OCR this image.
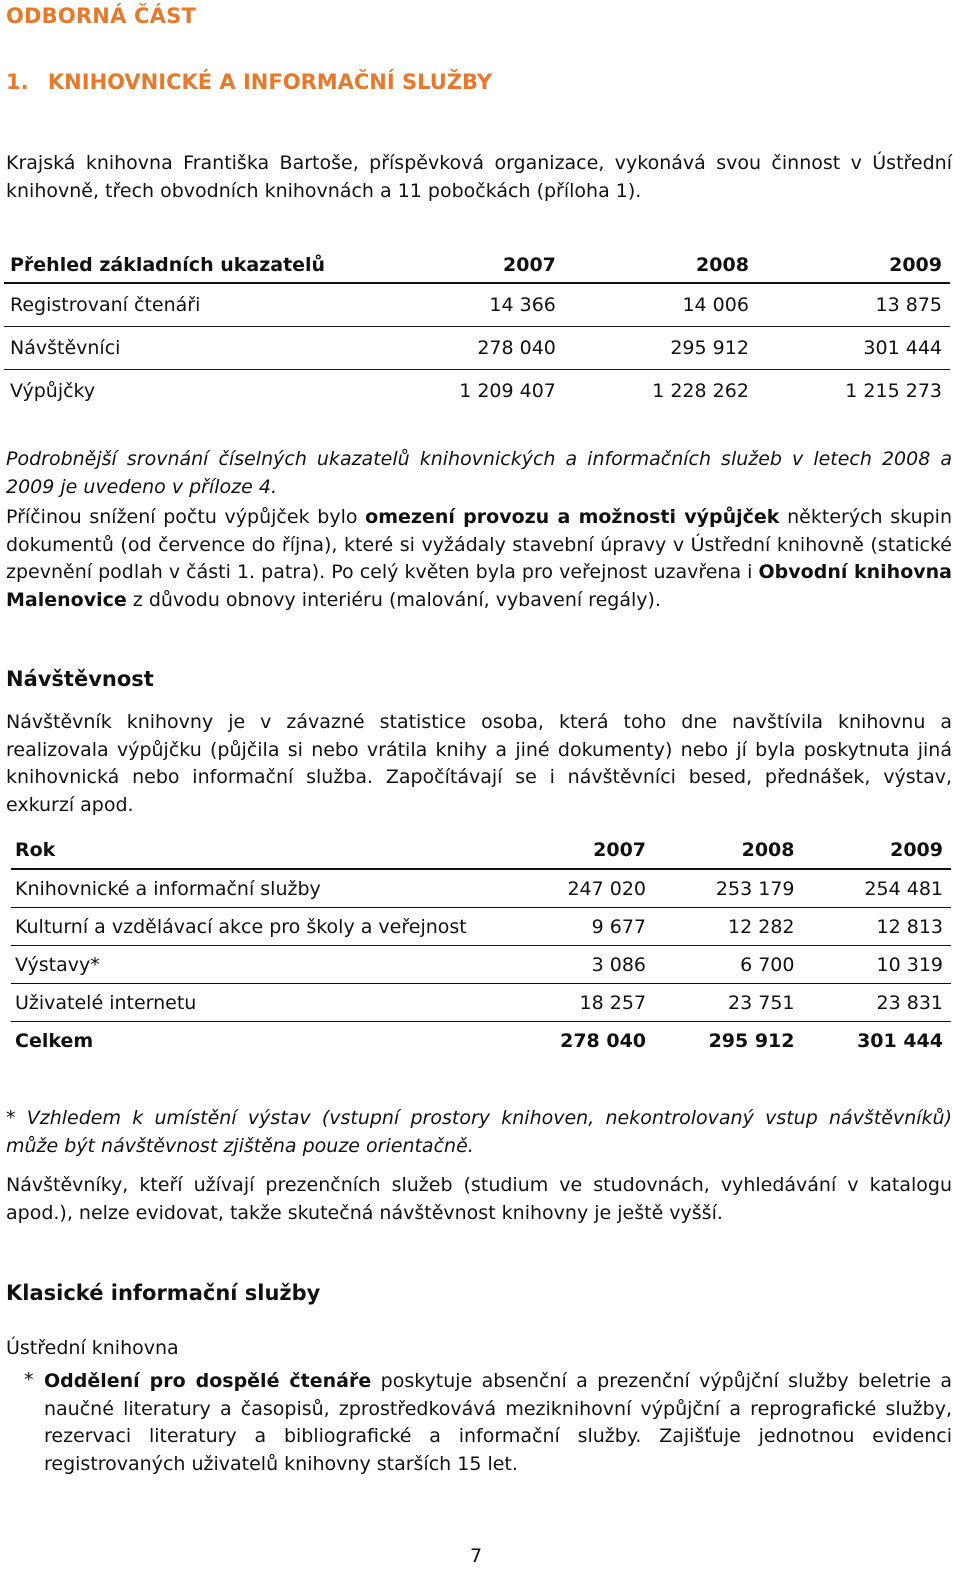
ODBORNÁ ČÁST
1. KNIHOVNICKÉ A INFORMAČNÍ SLUŽBY
Krajská knihovna Františka Bartoše, příspěvková organizace, vykonává svou činnost v Ústřední knihovně, třech obvodních knihovnách a 11 pobočkách (příloha 1).
Přehled základních ukazatelů	2007	2008	2009
Registrovaní čtenáři	14 366	14 006	13 875
Návštěvníci	278 040	295 912	301 444
Výpůjčky	1 209 407	1 228 262	1 215 273
Podrobnější srovnání číselných ukazatelů knihovnických a informačních služeb v letech 2008 a 2009 je uvedeno v příloze 4.
Příčinou snížení počtu výpůjček bylo omezení provozu a možnosti výpůjček některých skupin dokumentů (od července do října), které si vyžádaly stavební úpravy v Ústřední knihovně (statické zpevnění podlah v části 1. patra). Po celý květen byla pro veřejnost uzavřena i Obvodní knihovna Malenovice z důvodu obnovy interiéru (malování, vybavení regály).
Návštěvnost
Návštěvník knihovny je v závazné statistice osoba, která toho dne navštívila knihovnu a realizovala výpůjčku (půjčila si nebo vrátila knihy a jiné dokumenty) nebo jí byla poskytnuta jiná knihovnická nebo informační služba. Započítávají se i návštěvníci besed, přednášek, výstav, exkurzí apod.
Rok	2007	2008	2009
Knihovnické a informační služby	247 020	253 179	254 481
Kulturní a vzdělávací akce pro školy a veřejnost	9 677	12 282	12 813
Výstavy*	3 086	6 700	10 319
Uživatelé internetu	18 257	23 751	23 831
Celkem	278 040	295 912	301 444
* Vzhledem k umístění výstav (vstupní prostory knihoven, nekontrolovaný vstup návštěvníků) může být návštěvnost zjištěna pouze orientačně.
Návštěvníky, kteří užívají prezenčních služeb (studium ve studovnách, vyhledávání v katalogu apod.), nelze evidovat, takže skutečná návštěvnost knihovny je ještě vyšší.
Klasické informační služby
Ústřední knihovna
* Oddělení pro dospělé čtenáře poskytuje absenční a prezenční výpůjční služby beletrie a naučné literatury a časopisů, zprostředkovává meziknihovní výpůjční a reprografické služby, rezervaci literatury a bibliografické a informační služby. Zajišťuje jednotnou evidenci registrovaných uživatelů knihovny starších 15 let.
7
